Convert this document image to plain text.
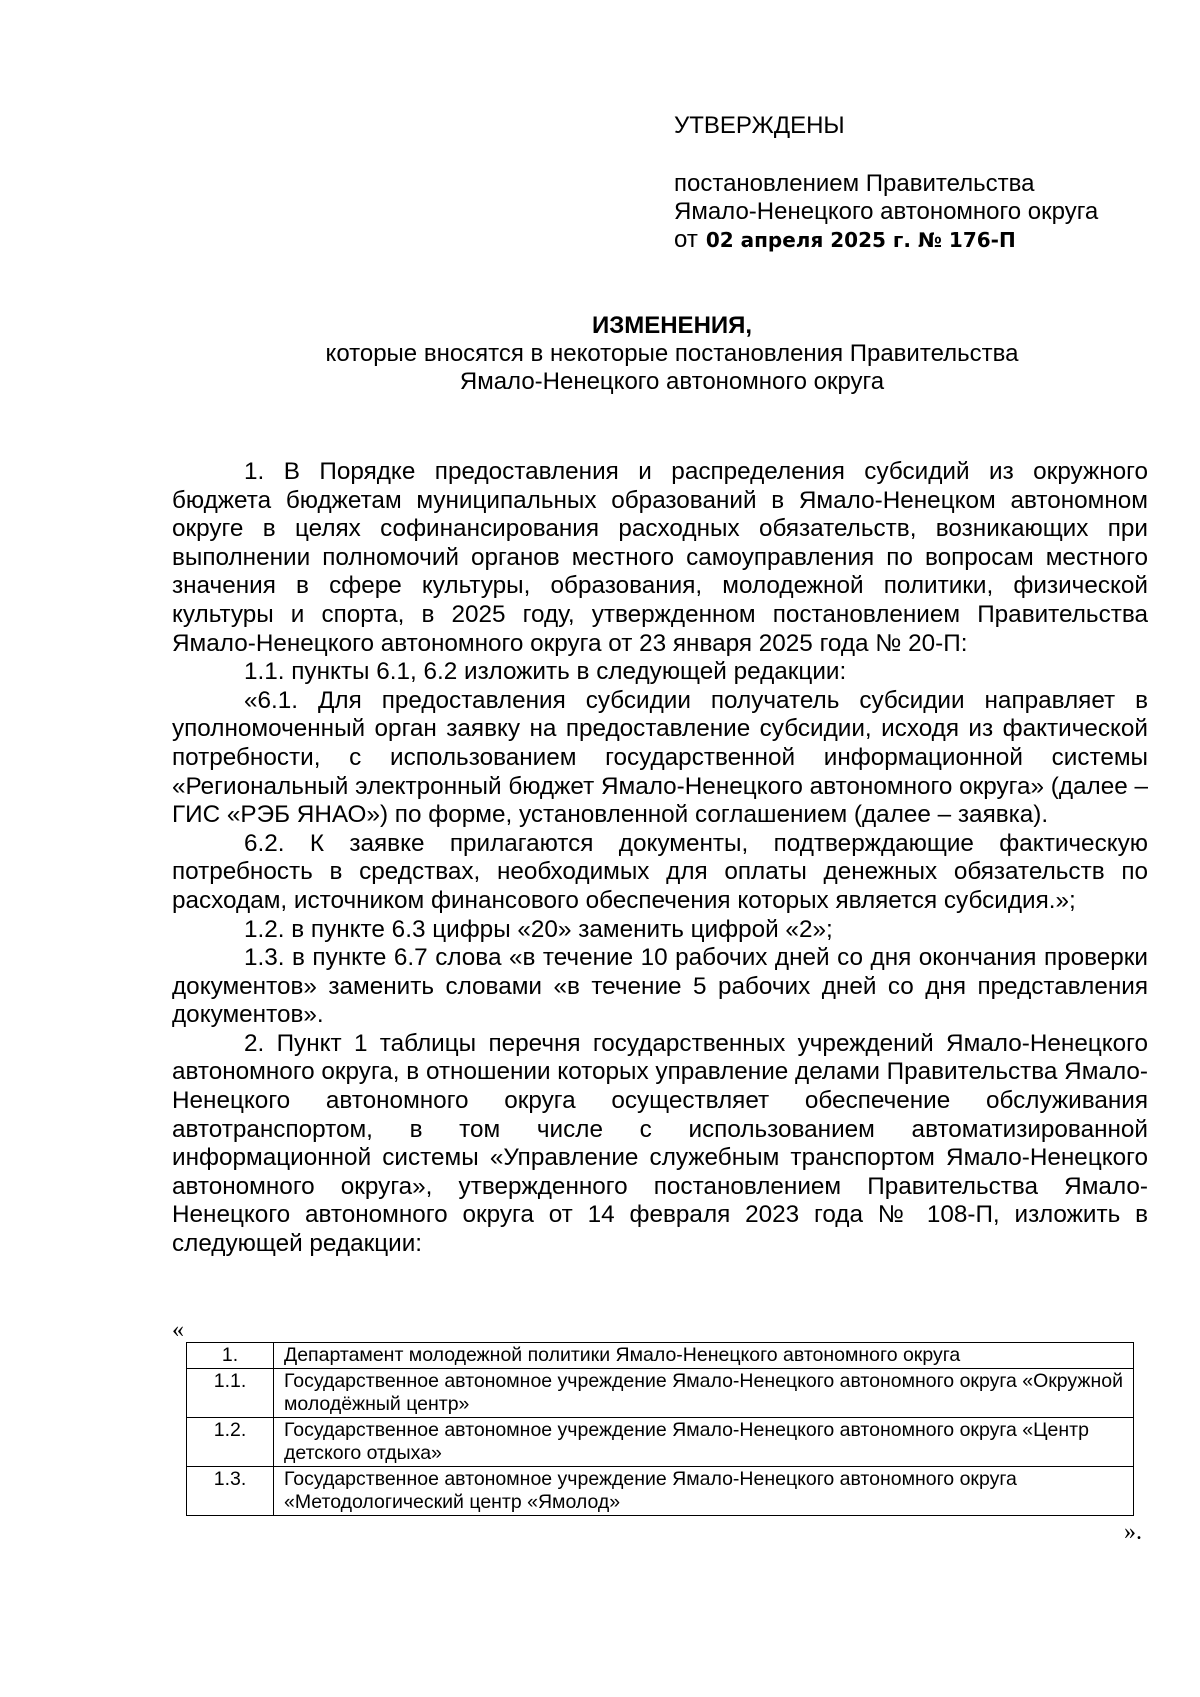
УТВЕРЖДЕНЫ
постановлением Правительства
Ямало-Ненецкого автономного округа
от 02 апреля 2025 г. № 176-П
ИЗМЕНЕНИЯ,
которые вносятся в некоторые постановления Правительства
Ямало-Ненецкого автономного округа

1. В Порядке предоставления и распределения субсидий из окружного бюджета бюджетам муниципальных образований в Ямало-Ненецком автономном округе в целях софинансирования расходных обязательств, возникающих при выполнении полномочий органов местного самоуправления по вопросам местного значения в сфере культуры, образования, молодежной политики, физической культуры и спорта, в 2025 году, утвержденном постановлением Правительства Ямало-Ненецкого автономного округа от 23 января 2025 года № 20-П:

1.1. пункты 6.1, 6.2 изложить в следующей редакции:

«6.1. Для предоставления субсидии получатель субсидии направляет в уполномоченный орган заявку на предоставление субсидии, исходя из фактической потребности, с использованием государственной информационной системы «Региональный электронный бюджет Ямало-Ненецкого автономного округа» (далее – ГИС «РЭБ ЯНАО») по форме, установленной соглашением (далее – заявка).

6.2. К заявке прилагаются документы, подтверждающие фактическую потребность в средствах, необходимых для оплаты денежных обязательств по расходам, источником финансового обеспечения которых является субсидия.»;

1.2. в пункте 6.3 цифры «20» заменить цифрой «2»;

1.3. в пункте 6.7 слова «в течение 10 рабочих дней со дня окончания проверки документов» заменить словами «в течение 5 рабочих дней со дня представления документов».

2. Пункт 1 таблицы перечня государственных учреждений Ямало-Ненецкого автономного округа, в отношении которых управление делами Правительства Ямало-Ненецкого автономного округа осуществляет обеспечение обслуживания автотранспортом, в том числе с использованием автоматизированной информационной системы «Управление служебным транспортом Ямало-Ненецкого автономного округа», утвержденного постановлением Правительства Ямало-Ненецкого автономного округа от 14 февраля 2023 года № 108-П, изложить в следующей редакции:

«
1.	Департамент молодежной политики Ямало-Ненецкого автономного округа
1.1.	Государственное автономное учреждение Ямало-Ненецкого автономного округа «Окружной молодёжный центр»
1.2.	Государственное автономное учреждение Ямало-Ненецкого автономного округа «Центр детского отдыха»
1.3.	Государственное автономное учреждение Ямало-Ненецкого автономного округа «Методологический центр «Ямолод»
».
